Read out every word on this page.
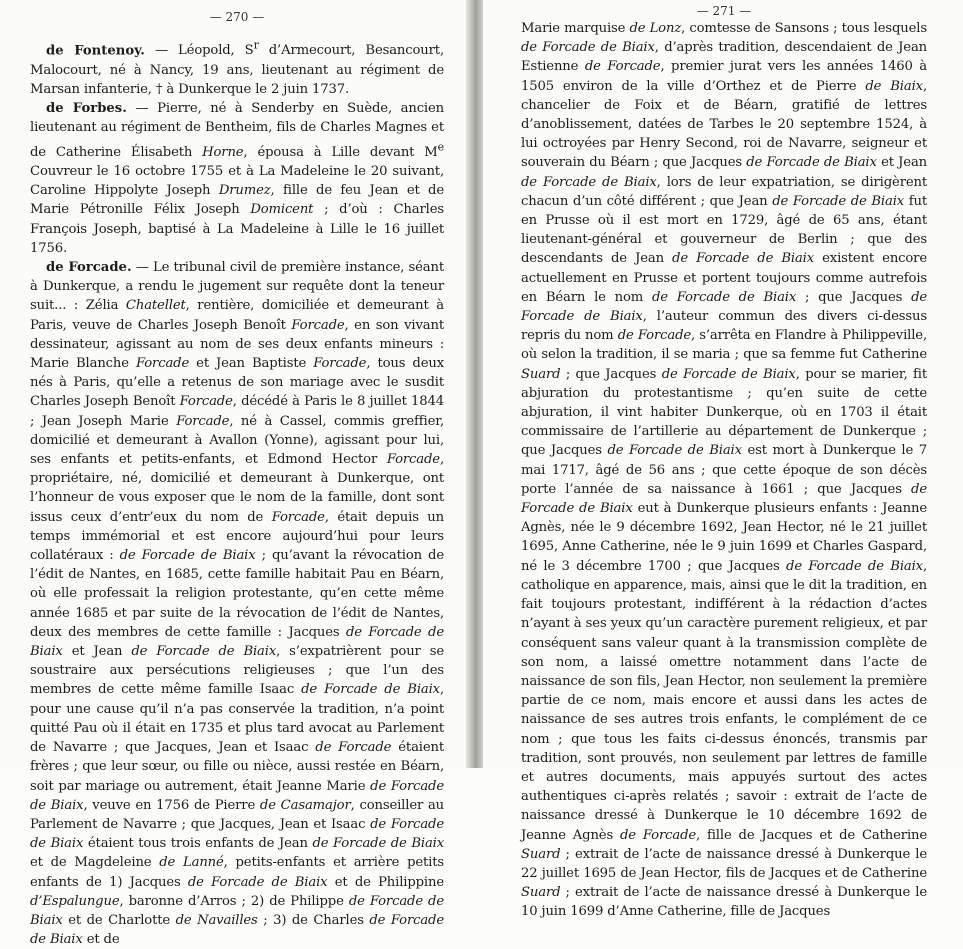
— 270 —

de Fontenoy. — Léopold, $S^r$ d’Armecourt, Besancourt, Malocourt, né à Nancy, 19 ans, lieutenant au régiment de Marsan infanterie, † à Dunkerque le 2 juin 1737.

de Forbes. — Pierre, né à Senderby en Suède, ancien lieutenant au régiment de Bentheim, fils de Charles Magnes et de Catherine Élisabeth Horne, épousa à Lille devant Me Couvreur le 16 octobre 1755 et à La Madeleine le 20 suivant, Caroline Hippolyte Joseph Drumez, fille de feu Jean et de Marie Pétronille Félix Joseph Domicent ; d’où : Charles François Joseph, baptisé à La Madeleine à Lille le 16 juillet 1756.

de Forcade. — Le tribunal civil de première instance, séant à Dunkerque, a rendu le jugement sur requête dont la teneur suit... : Zélia Chatellet, rentière, domiciliée et demeurant à Paris, veuve de Charles Joseph Benoît Forcade, en son vivant dessinateur, agissant au nom de ses deux enfants mineurs : Marie Blanche Forcade et Jean Baptiste Forcade, tous deux nés à Paris, qu’elle a retenus de son mariage avec le susdit Charles Joseph Benoît Forcade, décédé à Paris le 8 juillet 1844 ; Jean Joseph Marie Forcade, né à Cassel, commis greffier, domicilié et demeurant à Avallon (Yonne), agissant pour lui, ses enfants et petits-enfants, et Edmond Hector Forcade, propriétaire, né, domicilié et demeurant à Dunkerque, ont l’honneur de vous exposer que le nom de la famille, dont sont issus ceux d’entr’eux du nom de Forcade, était depuis un temps immémorial et est encore aujourd’hui pour leurs collatéraux : de Forcade de Biaix ; qu’avant la révocation de l’édit de Nantes, en 1685, cette famille habitait Pau en Béarn, où elle professait la religion protestante, qu’en cette même année 1685 et par suite de la révocation de l’édit de Nantes, deux des membres de cette famille : Jacques de Forcade de Biaix et Jean de Forcade de Biaix, s’expatrièrent pour se soustraire aux persécutions religieuses ; que l’un des membres de cette même famille Isaac de Forcade de Biaix, pour une cause qu’il n’a pas conservée la tradition, n’a point quitté Pau où il était en 1735 et plus tard avocat au Parlement de Navarre ; que Jacques, Jean et Isaac de Forcade étaient frères ; que leur sœur, ou fille ou nièce, aussi restée en Béarn, soit par mariage ou autrement, était Jeanne Marie de Forcade de Biaix, veuve en 1756 de Pierre de Casamajor, conseiller au Parlement de Navarre ; que Jacques, Jean et Isaac de Forcade de Biaix étaient tous trois enfants de Jean de Forcade de Biaix et de Magdeleine de Lanné, petits-enfants et arrière petits enfants de 1) Jacques de Forcade de Biaix et de Philippine d’Espalungue, baronne d’Arros ; 2) de Philippe de Forcade de Biaix et de Charlotte de Navailles ; 3) de Charles de Forcade de Biaix et de

— 271 —

Marie marquise de Lonz, comtesse de Sansons ; tous lesquels de Forcade de Biaix, d’après tradition, descendaient de Jean Estienne de Forcade, premier jurat vers les années 1460 à 1505 environ de la ville d’Orthez et de Pierre de Biaix, chancelier de Foix et de Béarn, gratifié de lettres d’anoblissement, datées de Tarbes le 20 septembre 1524, à lui octroyées par Henry Second, roi de Navarre, seigneur et souverain du Béarn ; que Jacques de Forcade de Biaix et Jean de Forcade de Biaix, lors de leur expatriation, se dirigèrent chacun d’un côté différent ; que Jean de Forcade de Biaix fut en Prusse où il est mort en 1729, âgé de 65 ans, étant lieutenant-général et gouverneur de Berlin ; que des descendants de Jean de Forcade de Biaix existent encore actuellement en Prusse et portent toujours comme autrefois en Béarn le nom de Forcade de Biaix ; que Jacques de Forcade de Biaix, l’auteur commun des divers ci-dessus repris du nom de Forcade, s’arrêta en Flandre à Philippeville, où selon la tradition, il se maria ; que sa femme fut Catherine Suard ; que Jacques de Forcade de Biaix, pour se marier, fit abjuration du protestantisme ; qu’en suite de cette abjuration, il vint habiter Dunkerque, où en 1703 il était commissaire de l’artillerie au département de Dunkerque ; que Jacques de Forcade de Biaix est mort à Dunkerque le 7 mai 1717, âgé de 56 ans ; que cette époque de son décès porte l’année de sa naissance à 1661 ; que Jacques de Forcade de Biaix eut à Dunkerque plusieurs enfants : Jeanne Agnès, née le 9 décembre 1692, Jean Hector, né le 21 juillet 1695, Anne Catherine, née le 9 juin 1699 et Charles Gaspard, né le 3 décembre 1700 ; que Jacques de Forcade de Biaix, catholique en apparence, mais, ainsi que le dit la tradition, en fait toujours protestant, indifférent à la rédaction d’actes n’ayant à ses yeux qu’un caractère purement religieux, et par conséquent sans valeur quant à la transmission complète de son nom, a laissé omettre notamment dans l’acte de naissance de son fils, Jean Hector, non seulement la première partie de ce nom, mais encore et aussi dans les actes de naissance de ses autres trois enfants, le complément de ce nom ; que tous les faits ci-dessus énoncés, transmis par tradition, sont prouvés, non seulement par lettres de famille et autres documents, mais appuyés surtout des actes authentiques ci-après relatés ; savoir : extrait de l’acte de naissance dressé à Dunkerque le 10 décembre 1692 de Jeanne Agnès de Forcade, fille de Jacques et de Catherine Suard ; extrait de l’acte de naissance dressé à Dunkerque le 22 juillet 1695 de Jean Hector, fils de Jacques et de Catherine Suard ; extrait de l’acte de naissance dressé à Dunkerque le 10 juin 1699 d’Anne Catherine, fille de Jacques
